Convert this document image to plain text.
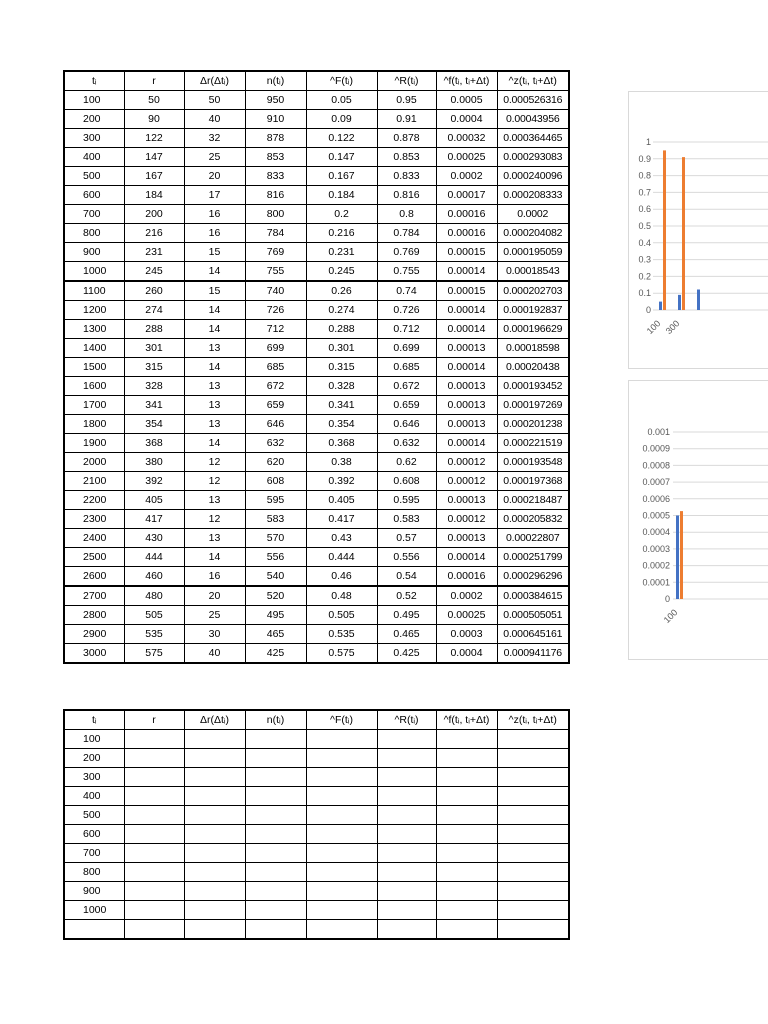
tᵢ	r	Δr(Δtᵢ)	n(tᵢ)	^F(tᵢ)	^R(tᵢ)	^f(tᵢ, tᵢ+Δt)	^z(tᵢ, tᵢ+Δt)
100	50	50	950	0.05	0.95	0.0005	0.000526316
200	90	40	910	0.09	0.91	0.0004	0.00043956
300	122	32	878	0.122	0.878	0.00032	0.000364465
400	147	25	853	0.147	0.853	0.00025	0.000293083
500	167	20	833	0.167	0.833	0.0002	0.000240096
600	184	17	816	0.184	0.816	0.00017	0.000208333
700	200	16	800	0.2	0.8	0.00016	0.0002
800	216	16	784	0.216	0.784	0.00016	0.000204082
900	231	15	769	0.231	0.769	0.00015	0.000195059
1000	245	14	755	0.245	0.755	0.00014	0.00018543
1100	260	15	740	0.26	0.74	0.00015	0.000202703
1200	274	14	726	0.274	0.726	0.00014	0.000192837
1300	288	14	712	0.288	0.712	0.00014	0.000196629
1400	301	13	699	0.301	0.699	0.00013	0.00018598
1500	315	14	685	0.315	0.685	0.00014	0.00020438
1600	328	13	672	0.328	0.672	0.00013	0.000193452
1700	341	13	659	0.341	0.659	0.00013	0.000197269
1800	354	13	646	0.354	0.646	0.00013	0.000201238
1900	368	14	632	0.368	0.632	0.00014	0.000221519
2000	380	12	620	0.38	0.62	0.00012	0.000193548
2100	392	12	608	0.392	0.608	0.00012	0.000197368
2200	405	13	595	0.405	0.595	0.00013	0.000218487
2300	417	12	583	0.417	0.583	0.00012	0.000205832
2400	430	13	570	0.43	0.57	0.00013	0.00022807
2500	444	14	556	0.444	0.556	0.00014	0.000251799
2600	460	16	540	0.46	0.54	0.00016	0.000296296
2700	480	20	520	0.48	0.52	0.0002	0.000384615
2800	505	25	495	0.505	0.495	0.00025	0.000505051
2900	535	30	465	0.535	0.465	0.0003	0.000645161
3000	575	40	425	0.575	0.425	0.0004	0.000941176
tᵢ	r	Δr(Δtᵢ)	n(tᵢ)	^F(tᵢ)	^R(tᵢ)	^f(tᵢ, tᵢ+Δt)	^z(tᵢ, tᵢ+Δt)
100							
200							
300							
400							
500							
600							
700							
800							
900							
1000							

0
0.1
0.2
0.3
0.4
0.5
0.6
0.7
0.8
0.9
1
100 300
0
0.0001
0.0002
0.0003
0.0004
0.0005
0.0006
0.0007
0.0008
0.0009
0.001
100
